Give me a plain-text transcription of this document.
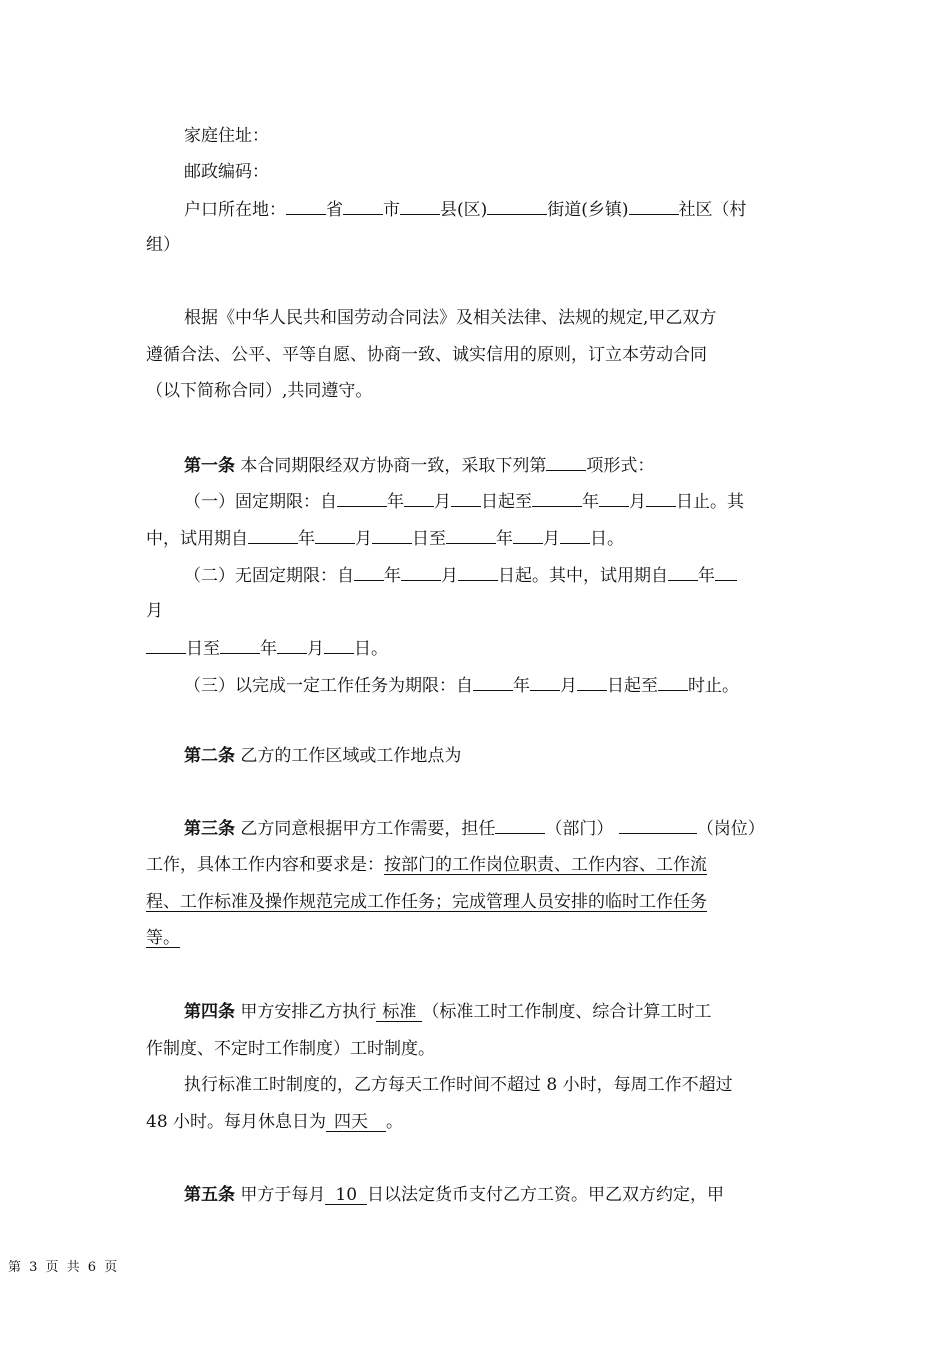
家庭住址：
邮政编码：
户口所在地： 省 市 县(区)	街道(乡镇)	社区（村
组）
根据《中华人民共和国劳动合同法》及相关法律、法规的规定,甲乙双方
遵循合法、公平、平等自愿、协商一致、诚实信用的原则，订立本劳动合同
（以下简称合同）,共同遵守。
第一条 本合同期限经双方协商一致，采取下列第 项形式：
（一）固定期限：自	年 月 日起至	年 月 日止。其
中，试用期自	年 月 日至	年 月 日。
（二）无固定期限：自 年 月 日起。其中，试用期自 年
月
日至 年 月 日。
（三）以完成一定工作任务为期限：自 年 月 日起至 时止。
第二条 乙方的工作区域或工作地点为
第三条 乙方同意根据甲方工作需要，担任	（部门）	（岗位）
工作，具体工作内容和要求是：按部门的工作岗位职责、工作内容、工作流
程、工作标准及操作规范完成工作任务；完成管理人员安排的临时工作任务
等。
第四条 甲方安排乙方执行 标准 （标准工时工作制度、综合计算工时工
作制度、不定时工作制度）工时制度。
执行标准工时制度的，乙方每天工作时间不超过 8 小时，每周工作不超过
48 小时。每月休息日为 四天 。
第五条 甲方于每月 10 日以法定货币支付乙方工资。甲乙双方约定，甲
第 3 页 共 6 页
